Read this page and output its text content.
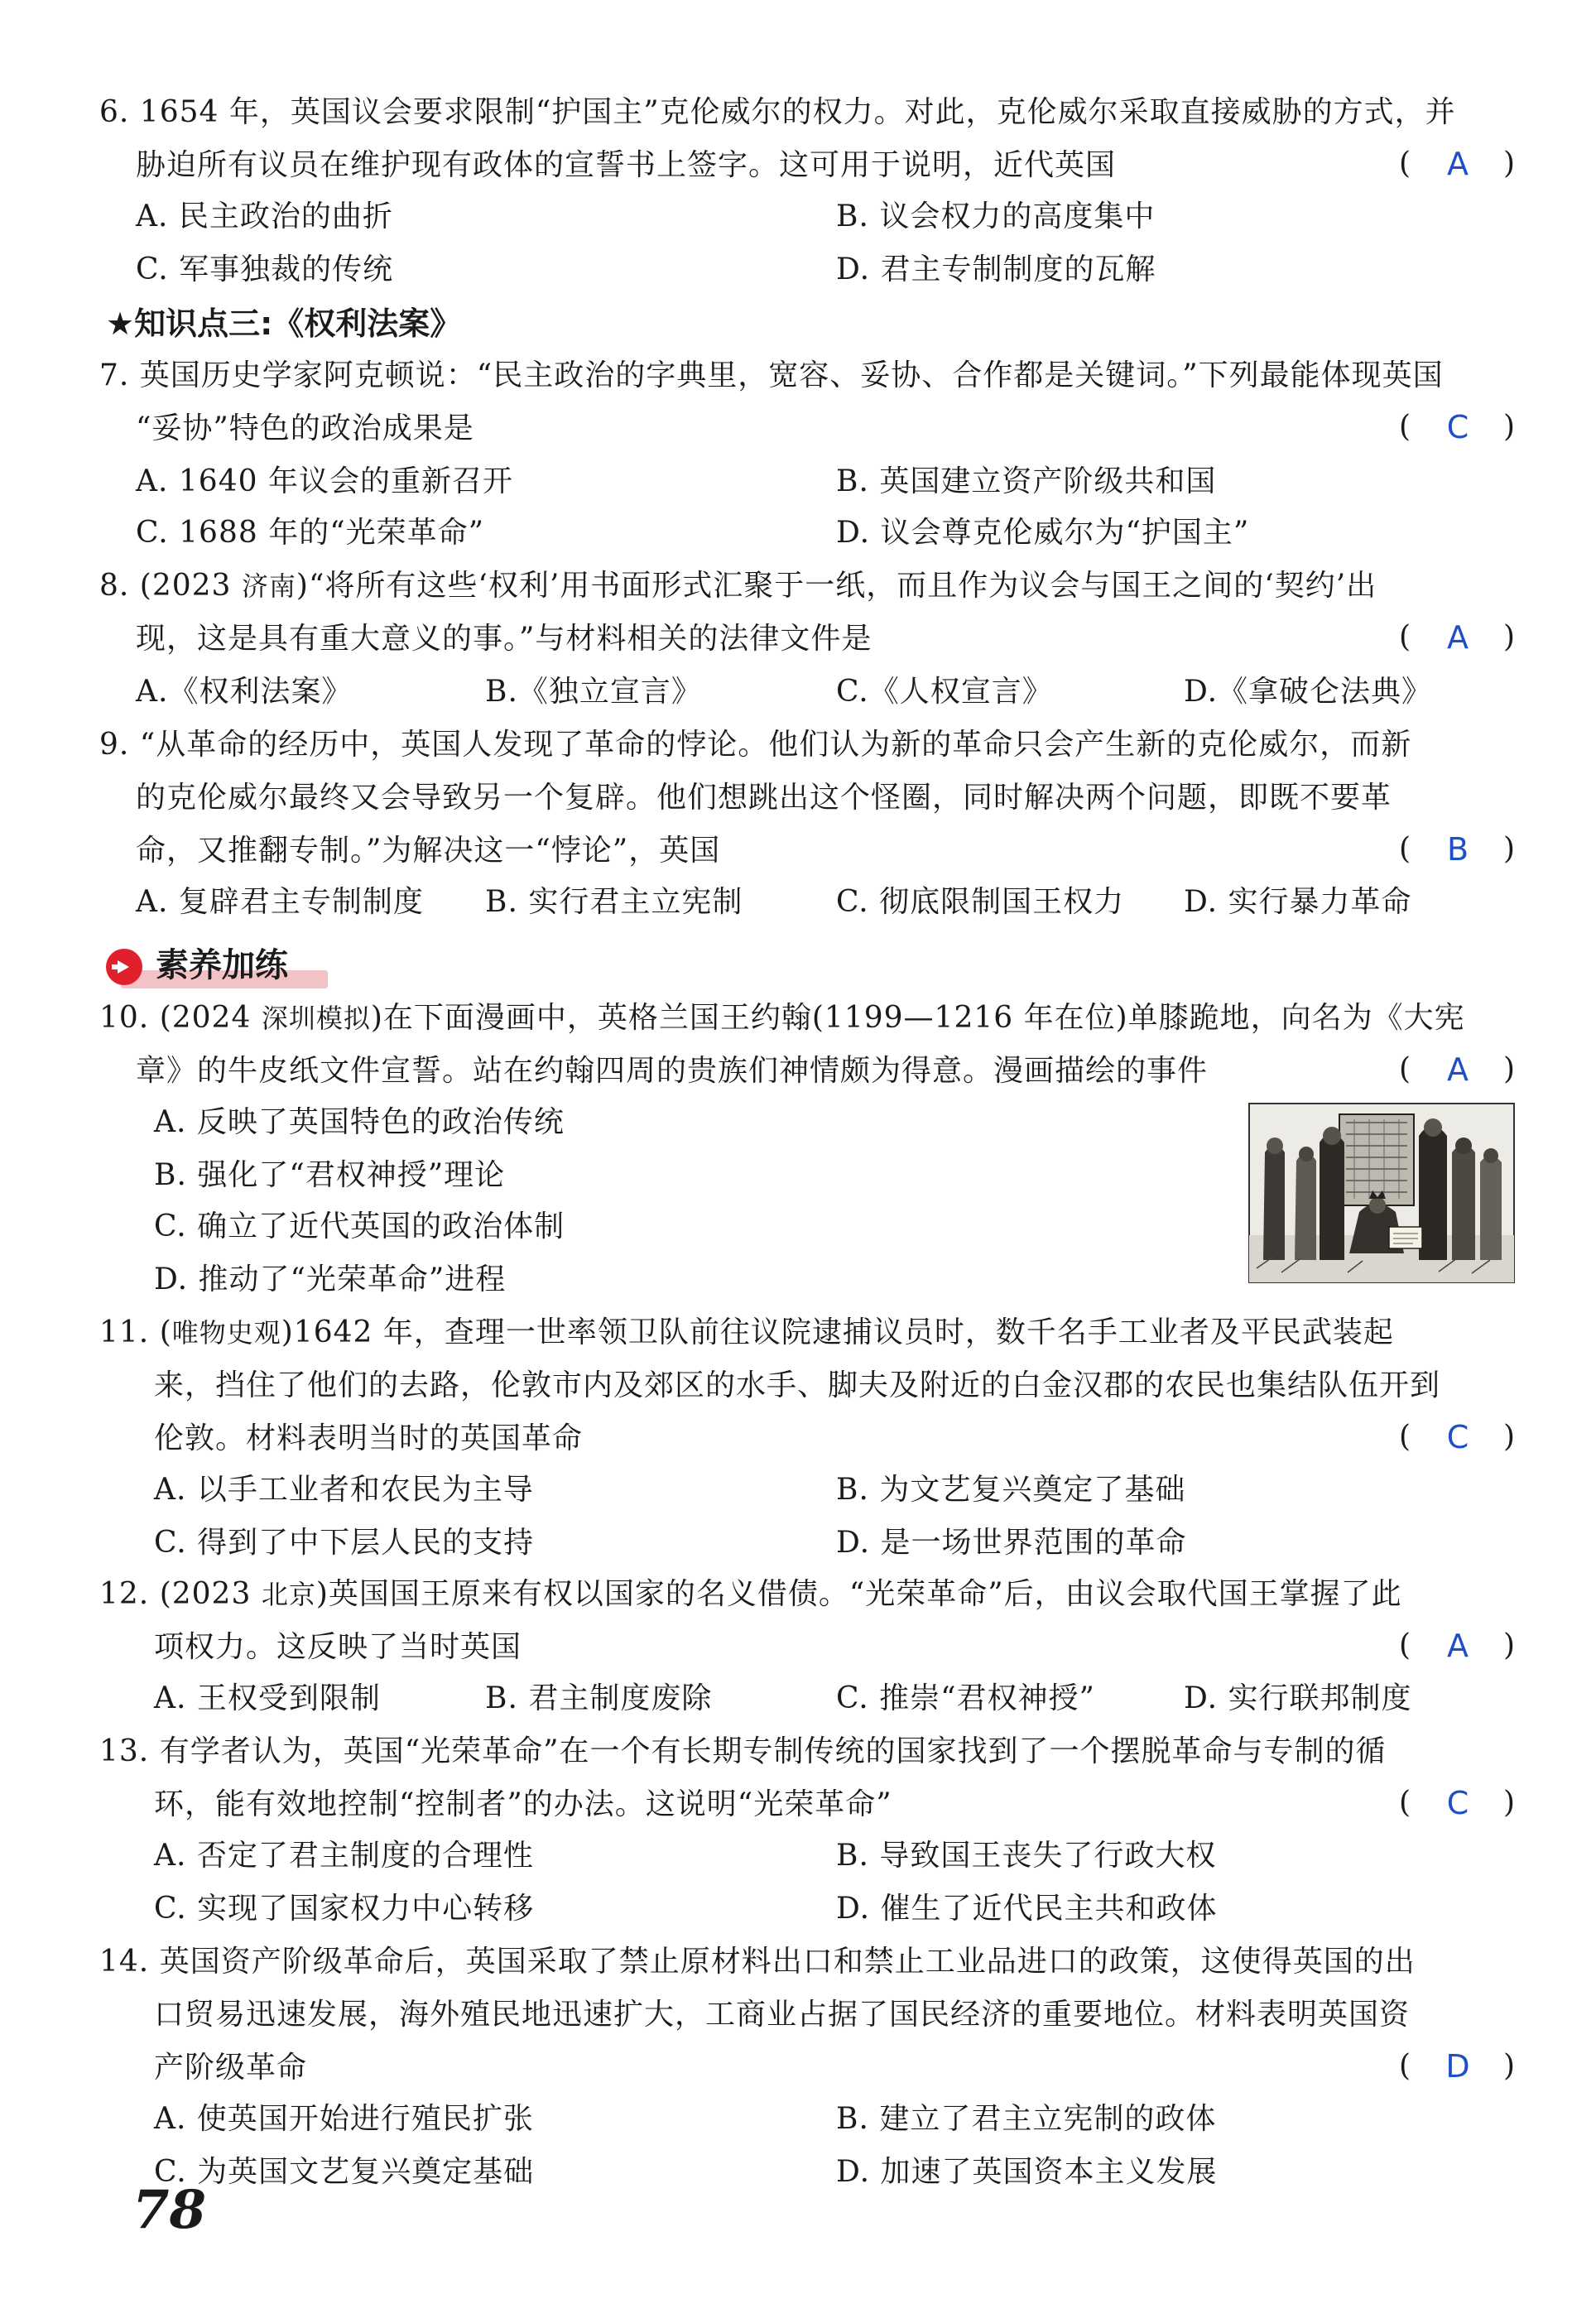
6. 1654 年，英国议会要求限制“护国主”克伦威尔的权力。对此，克伦威尔采取直接威胁的方式，并
胁迫所有议员在维护现有政体的宣誓书上签字。这可用于说明，近代英国	(	A	)
A. 民主政治的曲折	B. 议会权力的高度集中
C. 军事独裁的传统	D. 君主专制制度的瓦解
★知识点三:《权利法案》
7. 英国历史学家阿克顿说：“民主政治的字典里，宽容、妥协、合作都是关键词。”下列最能体现英国
“妥协”特色的政治成果是	(	C	)
A. 1640 年议会的重新召开	B. 英国建立资产阶级共和国
C. 1688 年的“光荣革命”	D. 议会尊克伦威尔为“护国主”
8. (2023 济南)“将所有这些‘权利’用书面形式汇聚于一纸，而且作为议会与国王之间的‘契约’出
现，这是具有重大意义的事。”与材料相关的法律文件是	(	A	)
A.《权利法案》	B.《独立宣言》	C.《人权宣言》	D.《拿破仑法典》
9. “从革命的经历中，英国人发现了革命的悖论。他们认为新的革命只会产生新的克伦威尔，而新
的克伦威尔最终又会导致另一个复辟。他们想跳出这个怪圈，同时解决两个问题，即既不要革
命，又推翻专制。”为解决这一“悖论”，英国	(	B	)
A. 复辟君主专制制度 B. 实行君主立宪制	C. 彻底限制国王权力 D. 实行暴力革命
素养加练
10. (2024 深圳模拟)在下面漫画中，英格兰国王约翰(1199—1216 年在位)单膝跪地，向名为《大宪
章》的牛皮纸文件宣誓。站在约翰四周的贵族们神情颇为得意。漫画描绘的事件	(	A	)
A. 反映了英国特色的政治传统
B. 强化了“君权神授”理论
C. 确立了近代英国的政治体制
D. 推动了“光荣革命”进程
11. (唯物史观)1642 年，查理一世率领卫队前往议院逮捕议员时，数千名手工业者及平民武装起
来，挡住了他们的去路，伦敦市内及郊区的水手、脚夫及附近的白金汉郡的农民也集结队伍开到
伦敦。材料表明当时的英国革命	(	C	)
A. 以手工业者和农民为主导	B. 为文艺复兴奠定了基础
C. 得到了中下层人民的支持	D. 是一场世界范围的革命
12. (2023 北京)英国国王原来有权以国家的名义借债。“光荣革命”后，由议会取代国王掌握了此
项权力。这反映了当时英国	(	A	)
A. 王权受到限制	B. 君主制度废除	C. 推崇“君权神授”	D. 实行联邦制度
13. 有学者认为，英国“光荣革命”在一个有长期专制传统的国家找到了一个摆脱革命与专制的循
环，能有效地控制“控制者”的办法。这说明“光荣革命”	(	C	)
A. 否定了君主制度的合理性	B. 导致国王丧失了行政大权
C. 实现了国家权力中心转移	D. 催生了近代民主共和政体
14. 英国资产阶级革命后，英国采取了禁止原材料出口和禁止工业品进口的政策，这使得英国的出
口贸易迅速发展，海外殖民地迅速扩大，工商业占据了国民经济的重要地位。材料表明英国资
产阶级革命	( D )
A. 使英国开始进行殖民扩张	B. 建立了君主立宪制的政体
C. 为英国文艺复兴奠定基础	D. 加速了英国资本主义发展
78
